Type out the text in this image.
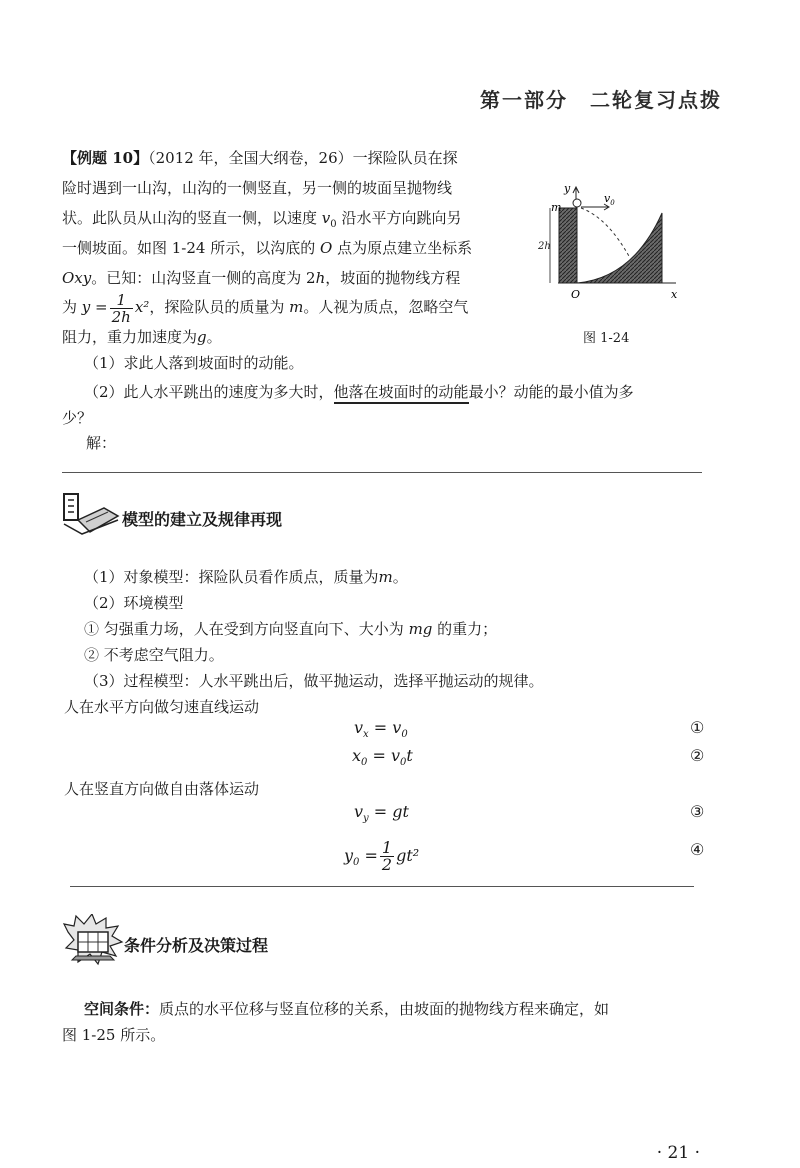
第一部分 二轮复习点拨
【例题 10】（2012 年，全国大纲卷，26）一探险队员在探
险时遇到一山沟，山沟的一侧竖直，另一侧的坡面呈抛物线
状。此队员从山沟的竖直一侧，以速度 $v_0$ 沿水平方向跳向另
一侧坡面。如图 1-24 所示，以沟底的 O 点为原点建立坐标系
Oxy。已知：山沟竖直一侧的高度为 2h，坡面的抛物线方程
为 $y = \frac{1}{2h} x^2$，探险队员的质量为 m。人视为质点，忽略空气
阻力，重力加速度为g。
（1）求此人落到坡面时的动能。
（2）此人水平跳出的速度为多大时，他落在坡面时的动能最小？动能的最小值为多
少？
解：
y
m
$v_0$
2h
O	x
图 1-24
模型的建立及规律再现
（1）对象模型：探险队员看作质点，质量为m。
（2）环境模型
① 匀强重力场，人在受到方向竖直向下、大小为 mg 的重力；
② 不考虑空气阻力。
（3）过程模型：人水平跳出后，做平抛运动，选择平抛运动的规律。
人在水平方向做匀速直线运动
$v_x = v_0$	①
$x_0 = v_0t$	②
人在竖直方向做自由落体运动
$v_y$ = gt	③
$y_0 = \frac{1}{2} gt^2$	④
条件分析及决策过程
空间条件：质点的水平位移与竖直位移的关系，由坡面的抛物线方程来确定，如
图 1-25 所示。
· 21 ·
